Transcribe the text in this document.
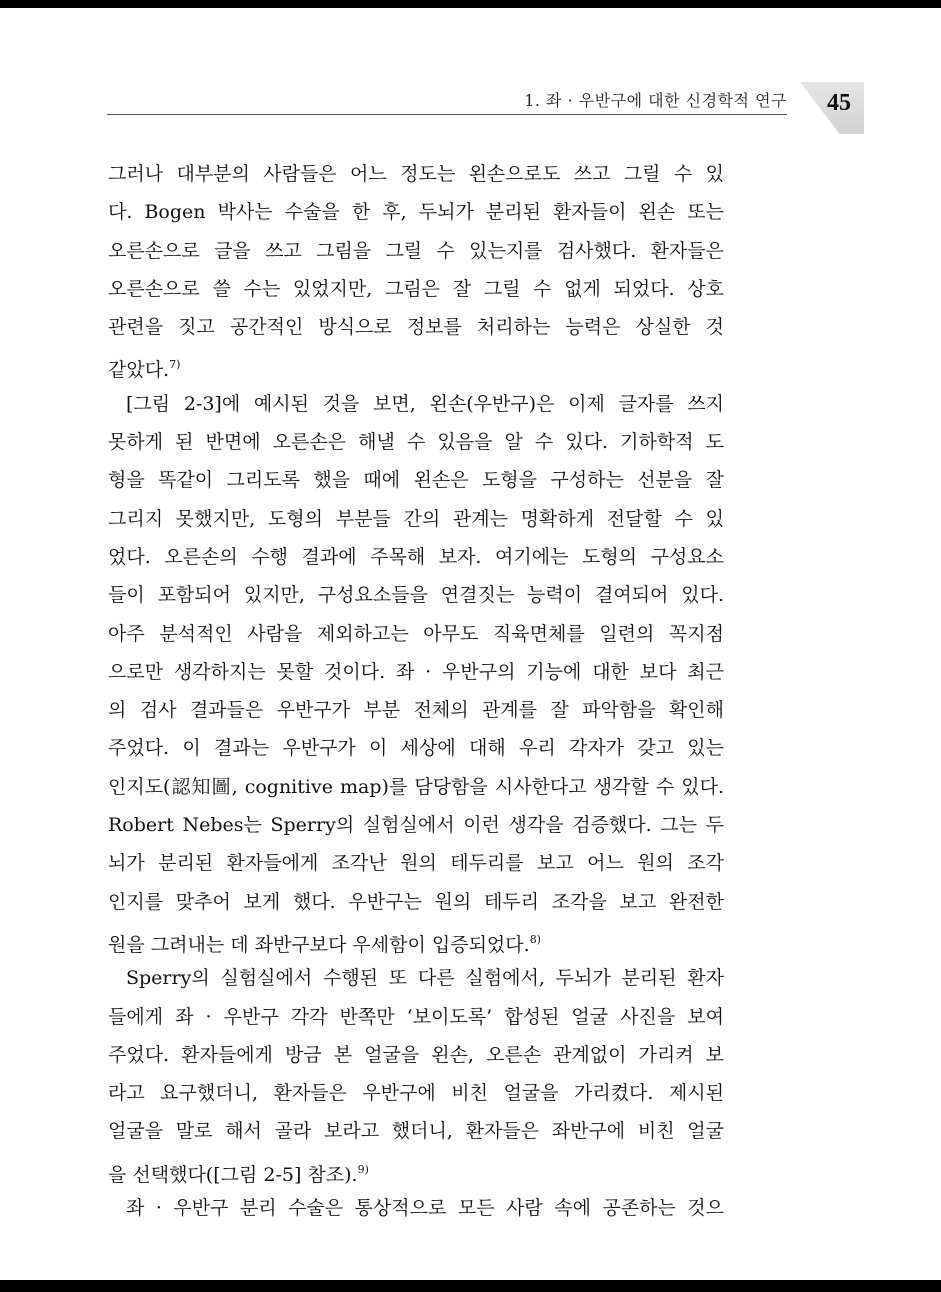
1. 좌 · 우반구에 대한 신경학적 연구	45
그러나 대부분의 사람들은 어느 정도는 왼손으로도 쓰고 그릴 수 있
다. Bogen 박사는 수술을 한 후, 두뇌가 분리된 환자들이 왼손 또는
오른손으로 글을 쓰고 그림을 그릴 수 있는지를 검사했다. 환자들은
오른손으로 쓸 수는 있었지만, 그림은 잘 그릴 수 없게 되었다. 상호
관련을 짓고 공간적인 방식으로 정보를 처리하는 능력은 상실한 것
같았다.$^{7)}$
[그림 2-3]에 예시된 것을 보면, 왼손(우반구)은 이제 글자를 쓰지
못하게 된 반면에 오른손은 해낼 수 있음을 알 수 있다. 기하학적 도
형을 똑같이 그리도록 했을 때에 왼손은 도형을 구성하는 선분을 잘
그리지 못했지만, 도형의 부분들 간의 관계는 명확하게 전달할 수 있
었다. 오른손의 수행 결과에 주목해 보자. 여기에는 도형의 구성요소
들이 포함되어 있지만, 구성요소들을 연결짓는 능력이 결여되어 있다.
아주 분석적인 사람을 제외하고는 아무도 직육면체를 일련의 꼭지점
으로만 생각하지는 못할 것이다. 좌 · 우반구의 기능에 대한 보다 최근
의 검사 결과들은 우반구가 부분 전체의 관계를 잘 파악함을 확인해
주었다. 이 결과는 우반구가 이 세상에 대해 우리 각자가 갖고 있는
인지도(認知圖, cognitive map)를 담당함을 시사한다고 생각할 수 있다.
Robert Nebes는 Sperry의 실험실에서 이런 생각을 검증했다. 그는 두
뇌가 분리된 환자들에게 조각난 원의 테두리를 보고 어느 원의 조각
인지를 맞추어 보게 했다. 우반구는 원의 테두리 조각을 보고 완전한
원을 그려내는 데 좌반구보다 우세함이 입증되었다.$^{8)}$
Sperry의 실험실에서 수행된 또 다른 실험에서, 두뇌가 분리된 환자
들에게 좌 · 우반구 각각 반쪽만 ‘보이도록’ 합성된 얼굴 사진을 보여
주었다. 환자들에게 방금 본 얼굴을 왼손, 오른손 관계없이 가리켜 보
라고 요구했더니, 환자들은 우반구에 비친 얼굴을 가리켰다. 제시된
얼굴을 말로 해서 골라 보라고 했더니, 환자들은 좌반구에 비친 얼굴
을 선택했다([그림 2-5] 참조).$^{9)}$
좌 · 우반구 분리 수술은 통상적으로 모든 사람 속에 공존하는 것으
